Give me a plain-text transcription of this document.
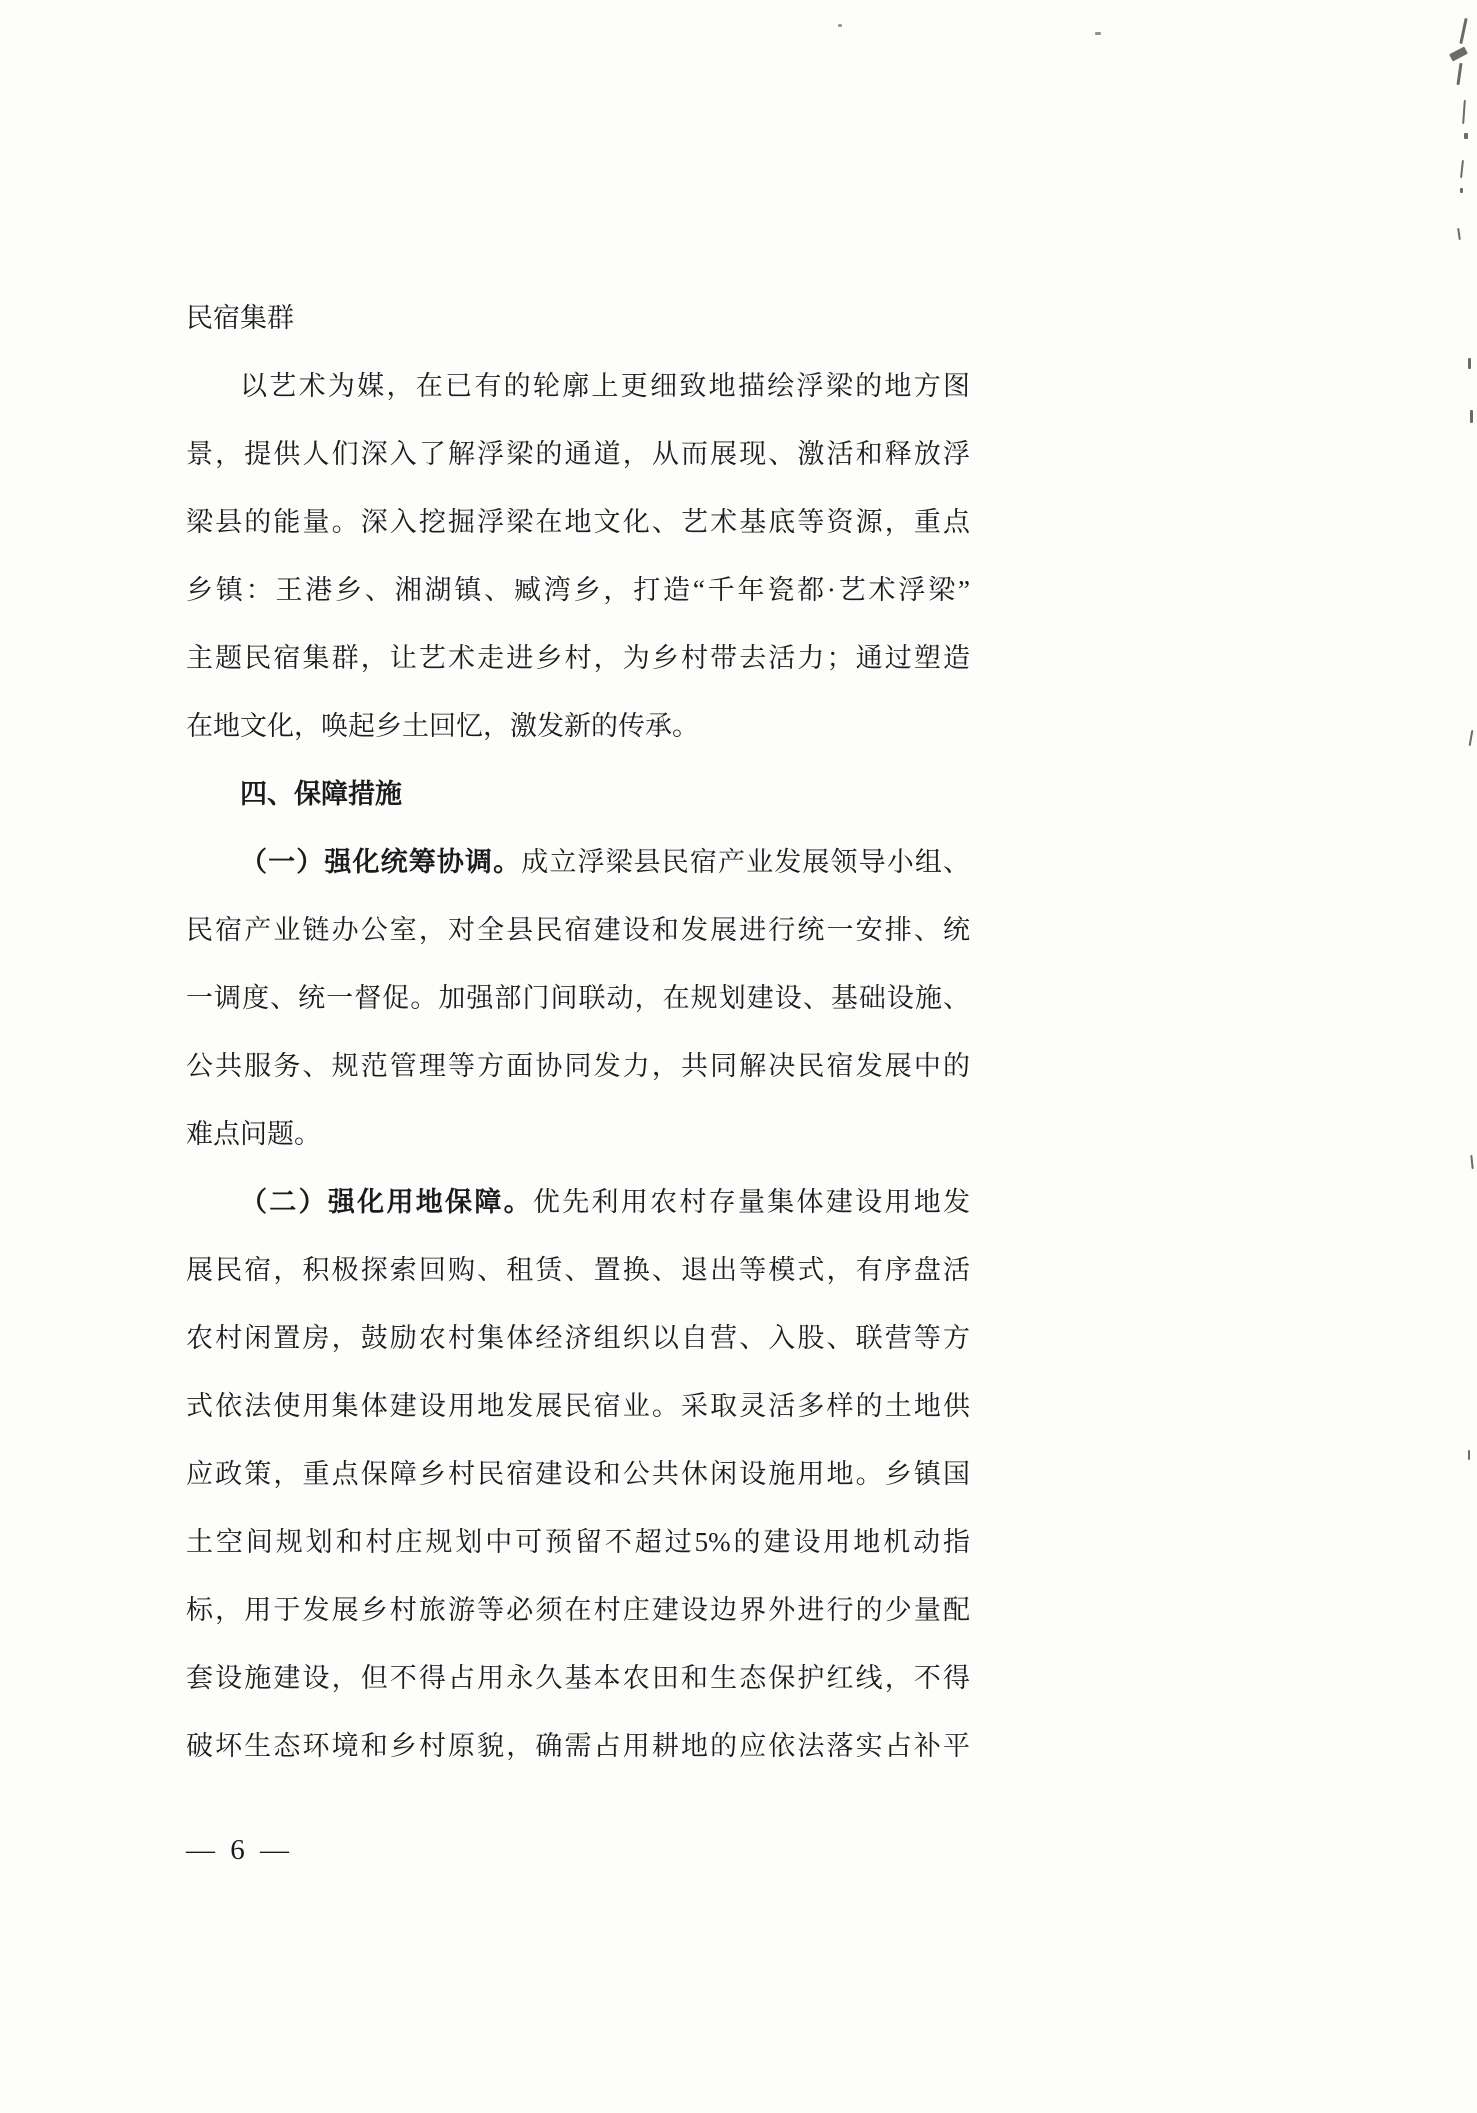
民宿集群
以艺术为媒，在已有的轮廓上更细致地描绘浮梁的地方图
景，提供人们深入了解浮梁的通道，从而展现、激活和释放浮
梁县的能量。深入挖掘浮梁在地文化、艺术基底等资源，重点
乡镇：王港乡、湘湖镇、臧湾乡，打造“千年瓷都·艺术浮梁”
主题民宿集群，让艺术走进乡村，为乡村带去活力；通过塑造
在地文化，唤起乡土回忆，激发新的传承。
四、保障措施
（一）强化统筹协调。成立浮梁县民宿产业发展领导小组、
民宿产业链办公室，对全县民宿建设和发展进行统一安排、统
一调度、统一督促。加强部门间联动，在规划建设、基础设施、
公共服务、规范管理等方面协同发力，共同解决民宿发展中的
难点问题。
（二）强化用地保障。优先利用农村存量集体建设用地发
展民宿，积极探索回购、租赁、置换、退出等模式，有序盘活
农村闲置房，鼓励农村集体经济组织以自营、入股、联营等方
式依法使用集体建设用地发展民宿业。采取灵活多样的土地供
应政策，重点保障乡村民宿建设和公共休闲设施用地。乡镇国
土空间规划和村庄规划中可预留不超过5%的建设用地机动指
标，用于发展乡村旅游等必须在村庄建设边界外进行的少量配
套设施建设，但不得占用永久基本农田和生态保护红线，不得
破坏生态环境和乡村原貌，确需占用耕地的应依法落实占补平
— 6 —
